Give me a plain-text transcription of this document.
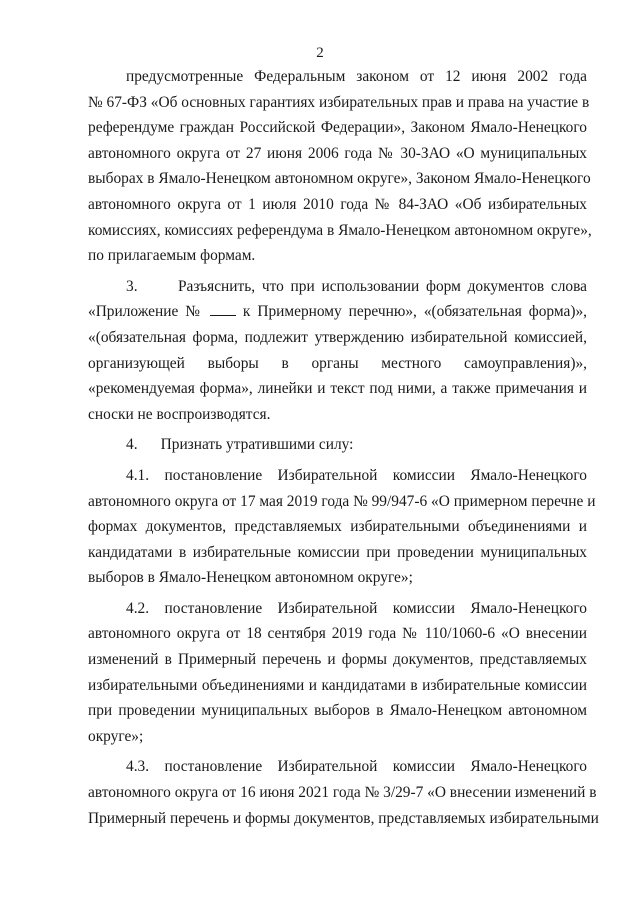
2
предусмотренные Федеральным законом от 12 июня 2002 года
№ 67-ФЗ «Об основных гарантиях избирательных прав и права на участие в
референдуме граждан Российской Федерации», Законом Ямало-Ненецкого
автономного округа от 27 июня 2006 года № 30-ЗАО «О муниципальных
выборах в Ямало-Ненецком автономном округе», Законом Ямало-Ненецкого
автономного округа от 1 июля 2010 года № 84-ЗАО «Об избирательных
комиссиях, комиссиях референдума в Ямало-Ненецком автономном округе»,
по прилагаемым формам.
3.      Разъяснить, что при использовании форм документов слова
«Приложение №	к Примерному перечню», «(обязательная форма)»,
«(обязательная форма, подлежит утверждению избирательной комиссией,
организующей выборы в органы местного самоуправления)»,
«рекомендуемая форма», линейки и текст под ними, а также примечания и
сноски не воспроизводятся.
4.      Признать утратившими силу:
4.1. постановление Избирательной комиссии Ямало-Ненецкого
автономного округа от 17 мая 2019 года № 99/947-6 «О примерном перечне и
формах документов, представляемых избирательными объединениями и
кандидатами в избирательные комиссии при проведении муниципальных
выборов в Ямало-Ненецком автономном округе»;
4.2. постановление Избирательной комиссии Ямало-Ненецкого
автономного округа от 18 сентября 2019 года № 110/1060-6 «О внесении
изменений в Примерный перечень и формы документов, представляемых
избирательными объединениями и кандидатами в избирательные комиссии
при проведении муниципальных выборов в Ямало-Ненецком автономном
округе»;
4.3. постановление Избирательной комиссии Ямало-Ненецкого
автономного округа от 16 июня 2021 года № 3/29-7 «О внесении изменений в
Примерный перечень и формы документов, представляемых избирательными
